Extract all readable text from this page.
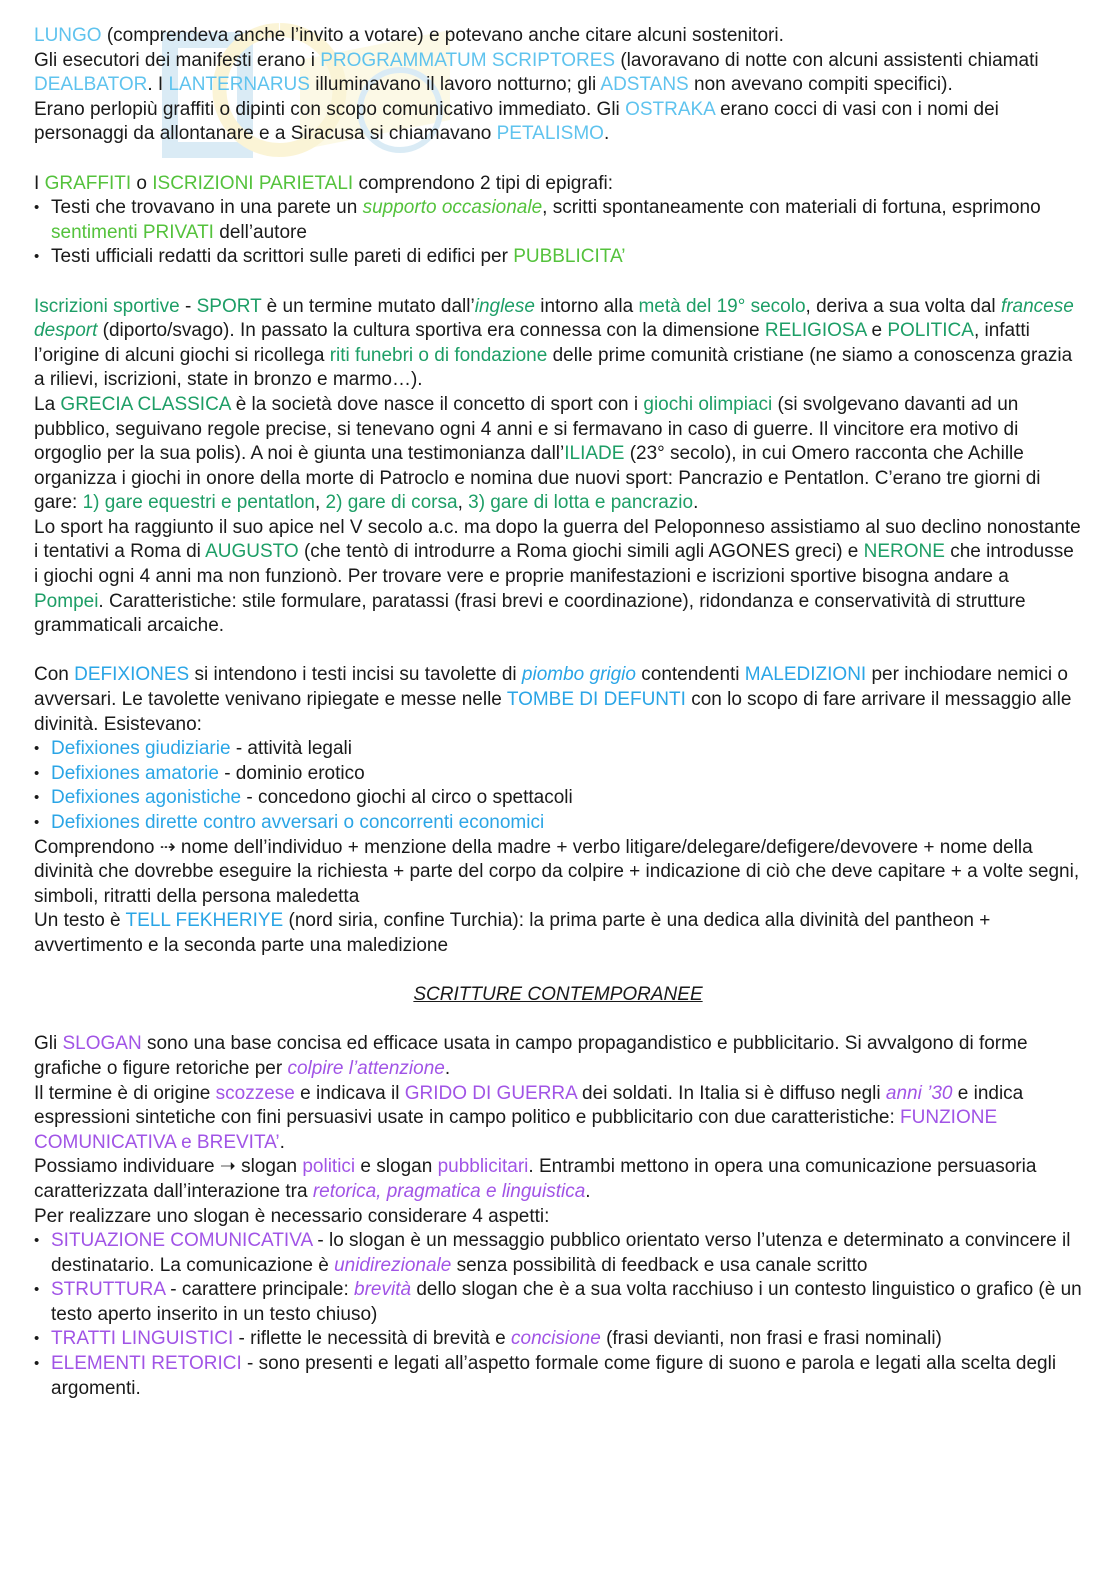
LUNGO (comprendeva anche l’invito a votare) e potevano anche citare alcuni sostenitori.

Gli esecutori dei manifesti erano i PROGRAMMATUM SCRIPTORES (lavoravano di notte con alcuni assistenti chiamati DEALBATOR. I LANTERNARUS illuminavano il lavoro notturno; gli ADSTANS non avevano compiti specifici).

Erano perlopiù graffiti o dipinti con scopo comunicativo immediato. Gli OSTRAKA erano cocci di vasi con i nomi dei personaggi da allontanare e a Siracusa si chiamavano PETALISMO.

I GRAFFITI o ISCRIZIONI PARIETALI comprendono 2 tipi di epigrafi:

• Testi che trovavano in una parete un supporto occasionale, scritti spontaneamente con materiali di fortuna, esprimono sentimenti PRIVATI dell’autore
• Testi ufficiali redatti da scrittori sulle pareti di edifici per PUBBLICITA’

Iscrizioni sportive - SPORT è un termine mutato dall’inglese intorno alla metà del 19° secolo, deriva a sua volta dal francese desport (diporto/svago). In passato la cultura sportiva era connessa con la dimensione RELIGIOSA e POLITICA, infatti l’origine di alcuni giochi si ricollega riti funebri o di fondazione delle prime comunità cristiane (ne siamo a conoscenza grazia a rilievi, iscrizioni, state in bronzo e marmo…).

La GRECIA CLASSICA è la società dove nasce il concetto di sport con i giochi olimpiaci (si svolgevano davanti ad un pubblico, seguivano regole precise, si tenevano ogni 4 anni e si fermavano in caso di guerre. Il vincitore era motivo di orgoglio per la sua polis). A noi è giunta una testimonianza dall’ILIADE (23° secolo), in cui Omero racconta che Achille organizza i giochi in onore della morte di Patroclo e nomina due nuovi sport: Pancrazio e Pentatlon. C’erano tre giorni di gare: 1) gare equestri e pentatlon, 2) gare di corsa, 3) gare di lotta e pancrazio.

Lo sport ha raggiunto il suo apice nel V secolo a.c. ma dopo la guerra del Peloponneso assistiamo al suo declino nonostante i tentativi a Roma di AUGUSTO (che tentò di introdurre a Roma giochi simili agli AGONES greci) e NERONE che introdusse i giochi ogni 4 anni ma non funzionò. Per trovare vere e proprie manifestazioni e iscrizioni sportive bisogna andare a Pompei. Caratteristiche: stile formulare, paratassi (frasi brevi e coordinazione), ridondanza e conservatività di strutture grammaticali arcaiche.

Con DEFIXIONES si intendono i testi incisi su tavolette di piombo grigio contendenti MALEDIZIONI per inchiodare nemici o avversari. Le tavolette venivano ripiegate e messe nelle TOMBE DI DEFUNTI con lo scopo di fare arrivare il messaggio alle divinità. Esistevano:

• Defixiones giudiziarie - attività legali
• Defixiones amatorie - dominio erotico
• Defixiones agonistiche - concedono giochi al circo o spettacoli
• Defixiones dirette contro avversari o concorrenti economici

Comprendono ⇢ nome dell’individuo + menzione della madre + verbo litigare/delegare/defigere/devovere + nome della divinità che dovrebbe eseguire la richiesta + parte del corpo da colpire + indicazione di ciò che deve capitare + a volte segni, simboli, ritratti della persona maledetta

Un testo è TELL FEKHERIYE (nord siria, confine Turchia): la prima parte è una dedica alla divinità del pantheon + avvertimento e la seconda parte una maledizione

SCRITTURE CONTEMPORANEE

Gli SLOGAN sono una base concisa ed efficace usata in campo propagandistico e pubblicitario. Si avvalgono di forme grafiche o figure retoriche per colpire l’attenzione.

Il termine è di origine scozzese e indicava il GRIDO DI GUERRA dei soldati. In Italia si è diffuso negli anni ’30 e indica espressioni sintetiche con fini persuasivi usate in campo politico e pubblicitario con due caratteristiche: FUNZIONE COMUNICATIVA e BREVITA’.

Possiamo individuare ➝ slogan politici e slogan pubblicitari. Entrambi mettono in opera una comunicazione persuasoria caratterizzata dall’interazione tra retorica, pragmatica e linguistica.

Per realizzare uno slogan è necessario considerare 4 aspetti:

• SITUAZIONE COMUNICATIVA - lo slogan è un messaggio pubblico orientato verso l’utenza e determinato a convincere il destinatario. La comunicazione è unidirezionale senza possibilità di feedback e usa canale scritto
• STRUTTURA - carattere principale: brevità dello slogan che è a sua volta racchiuso i un contesto linguistico o grafico (è un testo aperto inserito in un testo chiuso)
• TRATTI LINGUISTICI - riflette le necessità di brevità e concisione (frasi devianti, non frasi e frasi nominali)
• ELEMENTI RETORICI - sono presenti e legati all’aspetto formale come figure di suono e parola e legati alla scelta degli argomenti.
